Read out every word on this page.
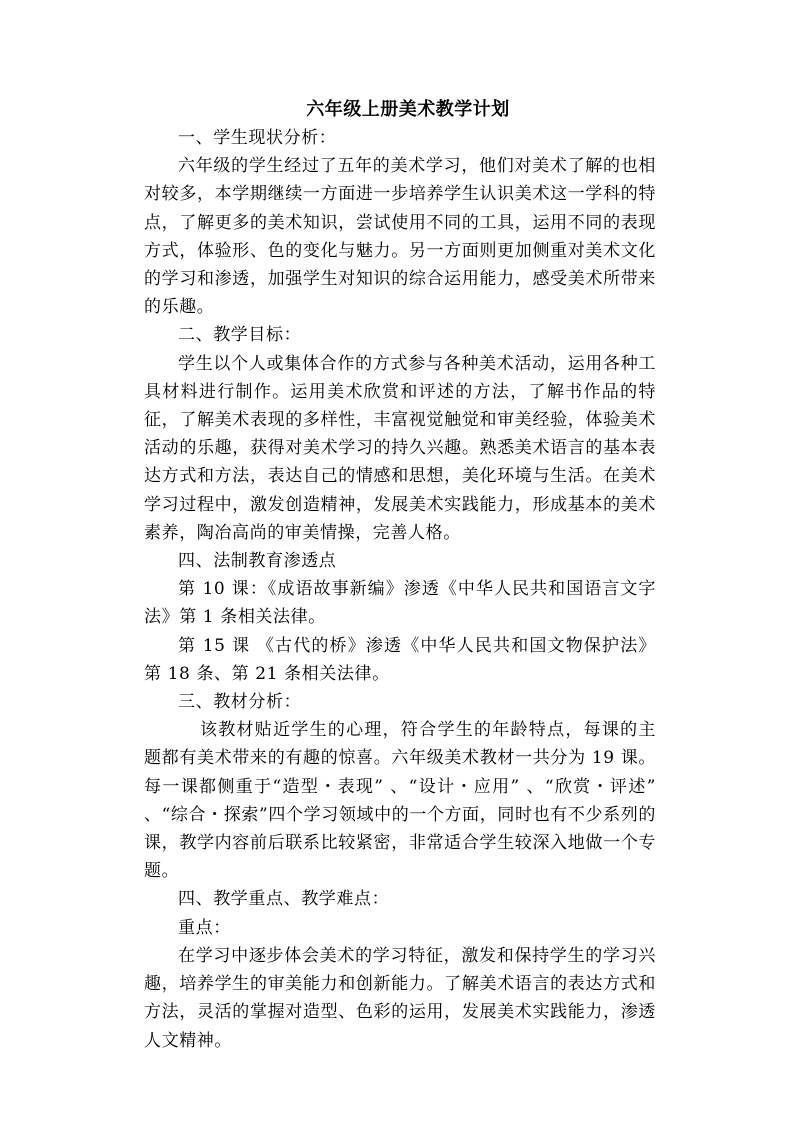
六年级上册美术教学计划

一、学生现状分析：

六年级的学生经过了五年的美术学习，他们对美术了解的也相对较多，本学期继续一方面进一步培养学生认识美术这一学科的特点，了解更多的美术知识，尝试使用不同的工具，运用不同的表现方式，体验形、色的变化与魅力。另一方面则更加侧重对美术文化的学习和渗透，加强学生对知识的综合运用能力，感受美术所带来的乐趣。

二、教学目标：

学生以个人或集体合作的方式参与各种美术活动，运用各种工具材料进行制作。运用美术欣赏和评述的方法，了解书作品的特征，了解美术表现的多样性，丰富视觉触觉和审美经验，体验美术活动的乐趣，获得对美术学习的持久兴趣。熟悉美术语言的基本表达方式和方法，表达自己的情感和思想，美化环境与生活。在美术学习过程中，激发创造精神，发展美术实践能力，形成基本的美术素养，陶冶高尚的审美情操，完善人格。

四、法制教育渗透点

第 10 课：《成语故事新编》渗透《中华人民共和国语言文字法》第 1 条相关法律。

第 15 课 《古代的桥》渗透《中华人民共和国文物保护法》第 18 条、第 21 条相关法律。

三、教材分析：

该教材贴近学生的心理，符合学生的年龄特点，每课的主题都有美术带来的有趣的惊喜。六年级美术教材一共分为 19 课。每一课都侧重于“造型・表现” 、“设计・应用” 、“欣赏・评述” 、“综合・探索”四个学习领域中的一个方面，同时也有不少系列的课，教学内容前后联系比较紧密，非常适合学生较深入地做一个专题。

四、教学重点、教学难点：

重点：

在学习中逐步体会美术的学习特征，激发和保持学生的学习兴趣，培养学生的审美能力和创新能力。了解美术语言的表达方式和方法，灵活的掌握对造型、色彩的运用，发展美术实践能力，渗透人文精神。
